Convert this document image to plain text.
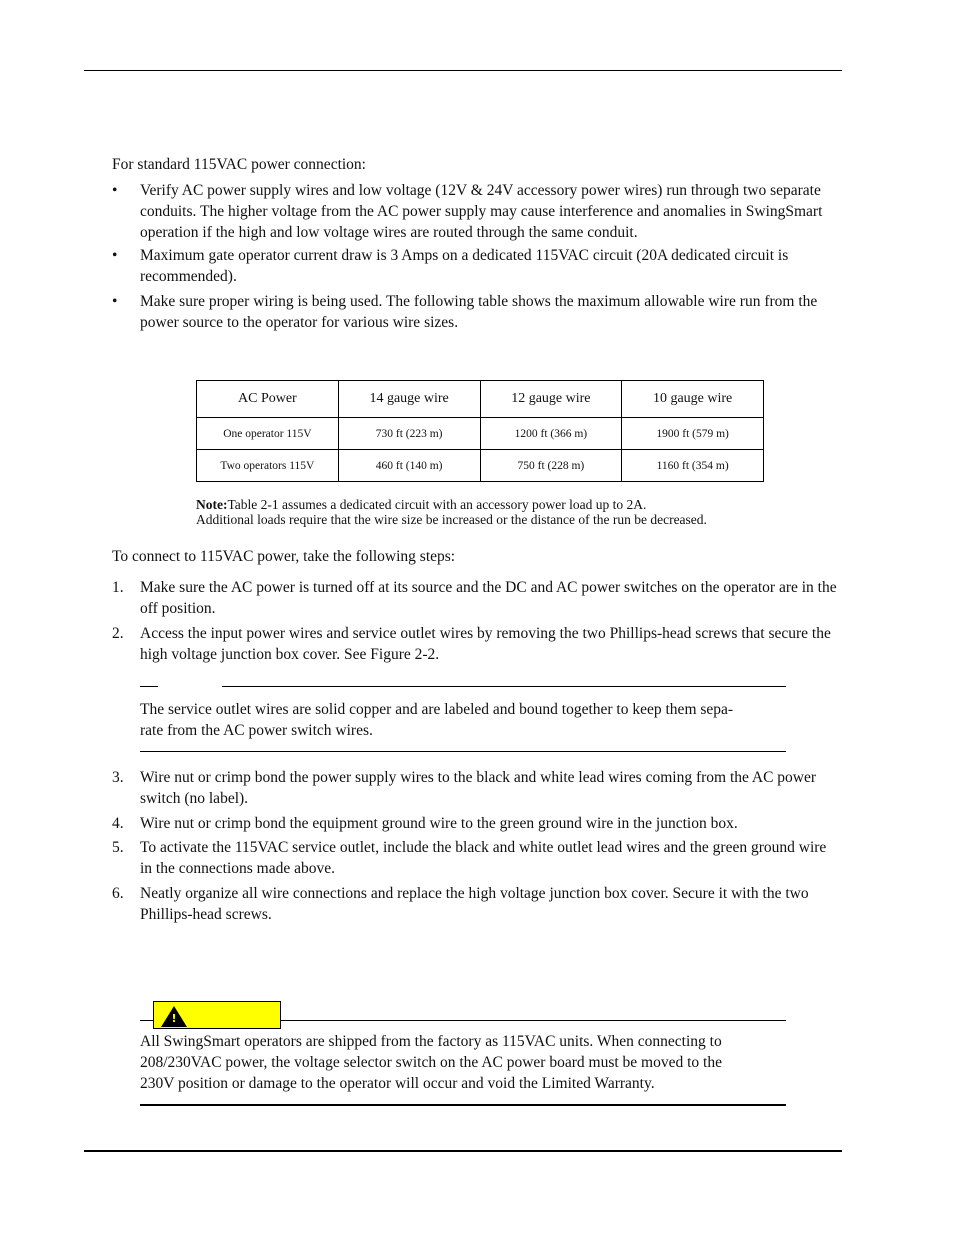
For standard 115VAC power connection:

•	Verify AC power supply wires and low voltage (12V & 24V accessory power wires) run through two separate conduits. The higher voltage from the AC power supply may cause interference and anomalies in SwingSmart operation if the high and low voltage wires are routed through the same conduit.
•	Maximum gate operator current draw is 3 Amps on a dedicated 115VAC circuit (20A dedicated circuit is recommended).
•	Make sure proper wiring is being used. The following table shows the maximum allowable wire run from the power source to the operator for various wire sizes.
AC Power	14 gauge wire	12 gauge wire	10 gauge wire
One operator 115V	730 ft (223 m)	1200 ft (366 m)	1900 ft (579 m)
Two operators 115V	460 ft (140 m)	750 ft (228 m)	1160 ft (354 m)
Note:Table 2-1 assumes a dedicated circuit with an accessory power load up to 2A.
Additional loads require that the wire size be increased or the distance of the run be decreased.

To connect to 115VAC power, take the following steps:

1.	Make sure the AC power is turned off at its source and the DC and AC power switches on the operator are in the off position.
2.	Access the input power wires and service outlet wires by removing the two Phillips-head screws that secure the high voltage junction box cover. See Figure 2-2.
The service outlet wires are solid copper and are labeled and bound together to keep them sepa-
rate from the AC power switch wires.
3.	Wire nut or crimp bond the power supply wires to the black and white lead wires coming from the AC power switch (no label).
4.	Wire nut or crimp bond the equipment ground wire to the green ground wire in the junction box.
5.	To activate the 115VAC service outlet, include the black and white outlet lead wires and the green ground wire in the connections made above.
6.	Neatly organize all wire connections and replace the high voltage junction box cover. Secure it with the two Phillips-head screws.
!
All SwingSmart operators are shipped from the factory as 115VAC units. When connecting to
208/230VAC power, the voltage selector switch on the AC power board must be moved to the
230V position or damage to the operator will occur and void the Limited Warranty.
